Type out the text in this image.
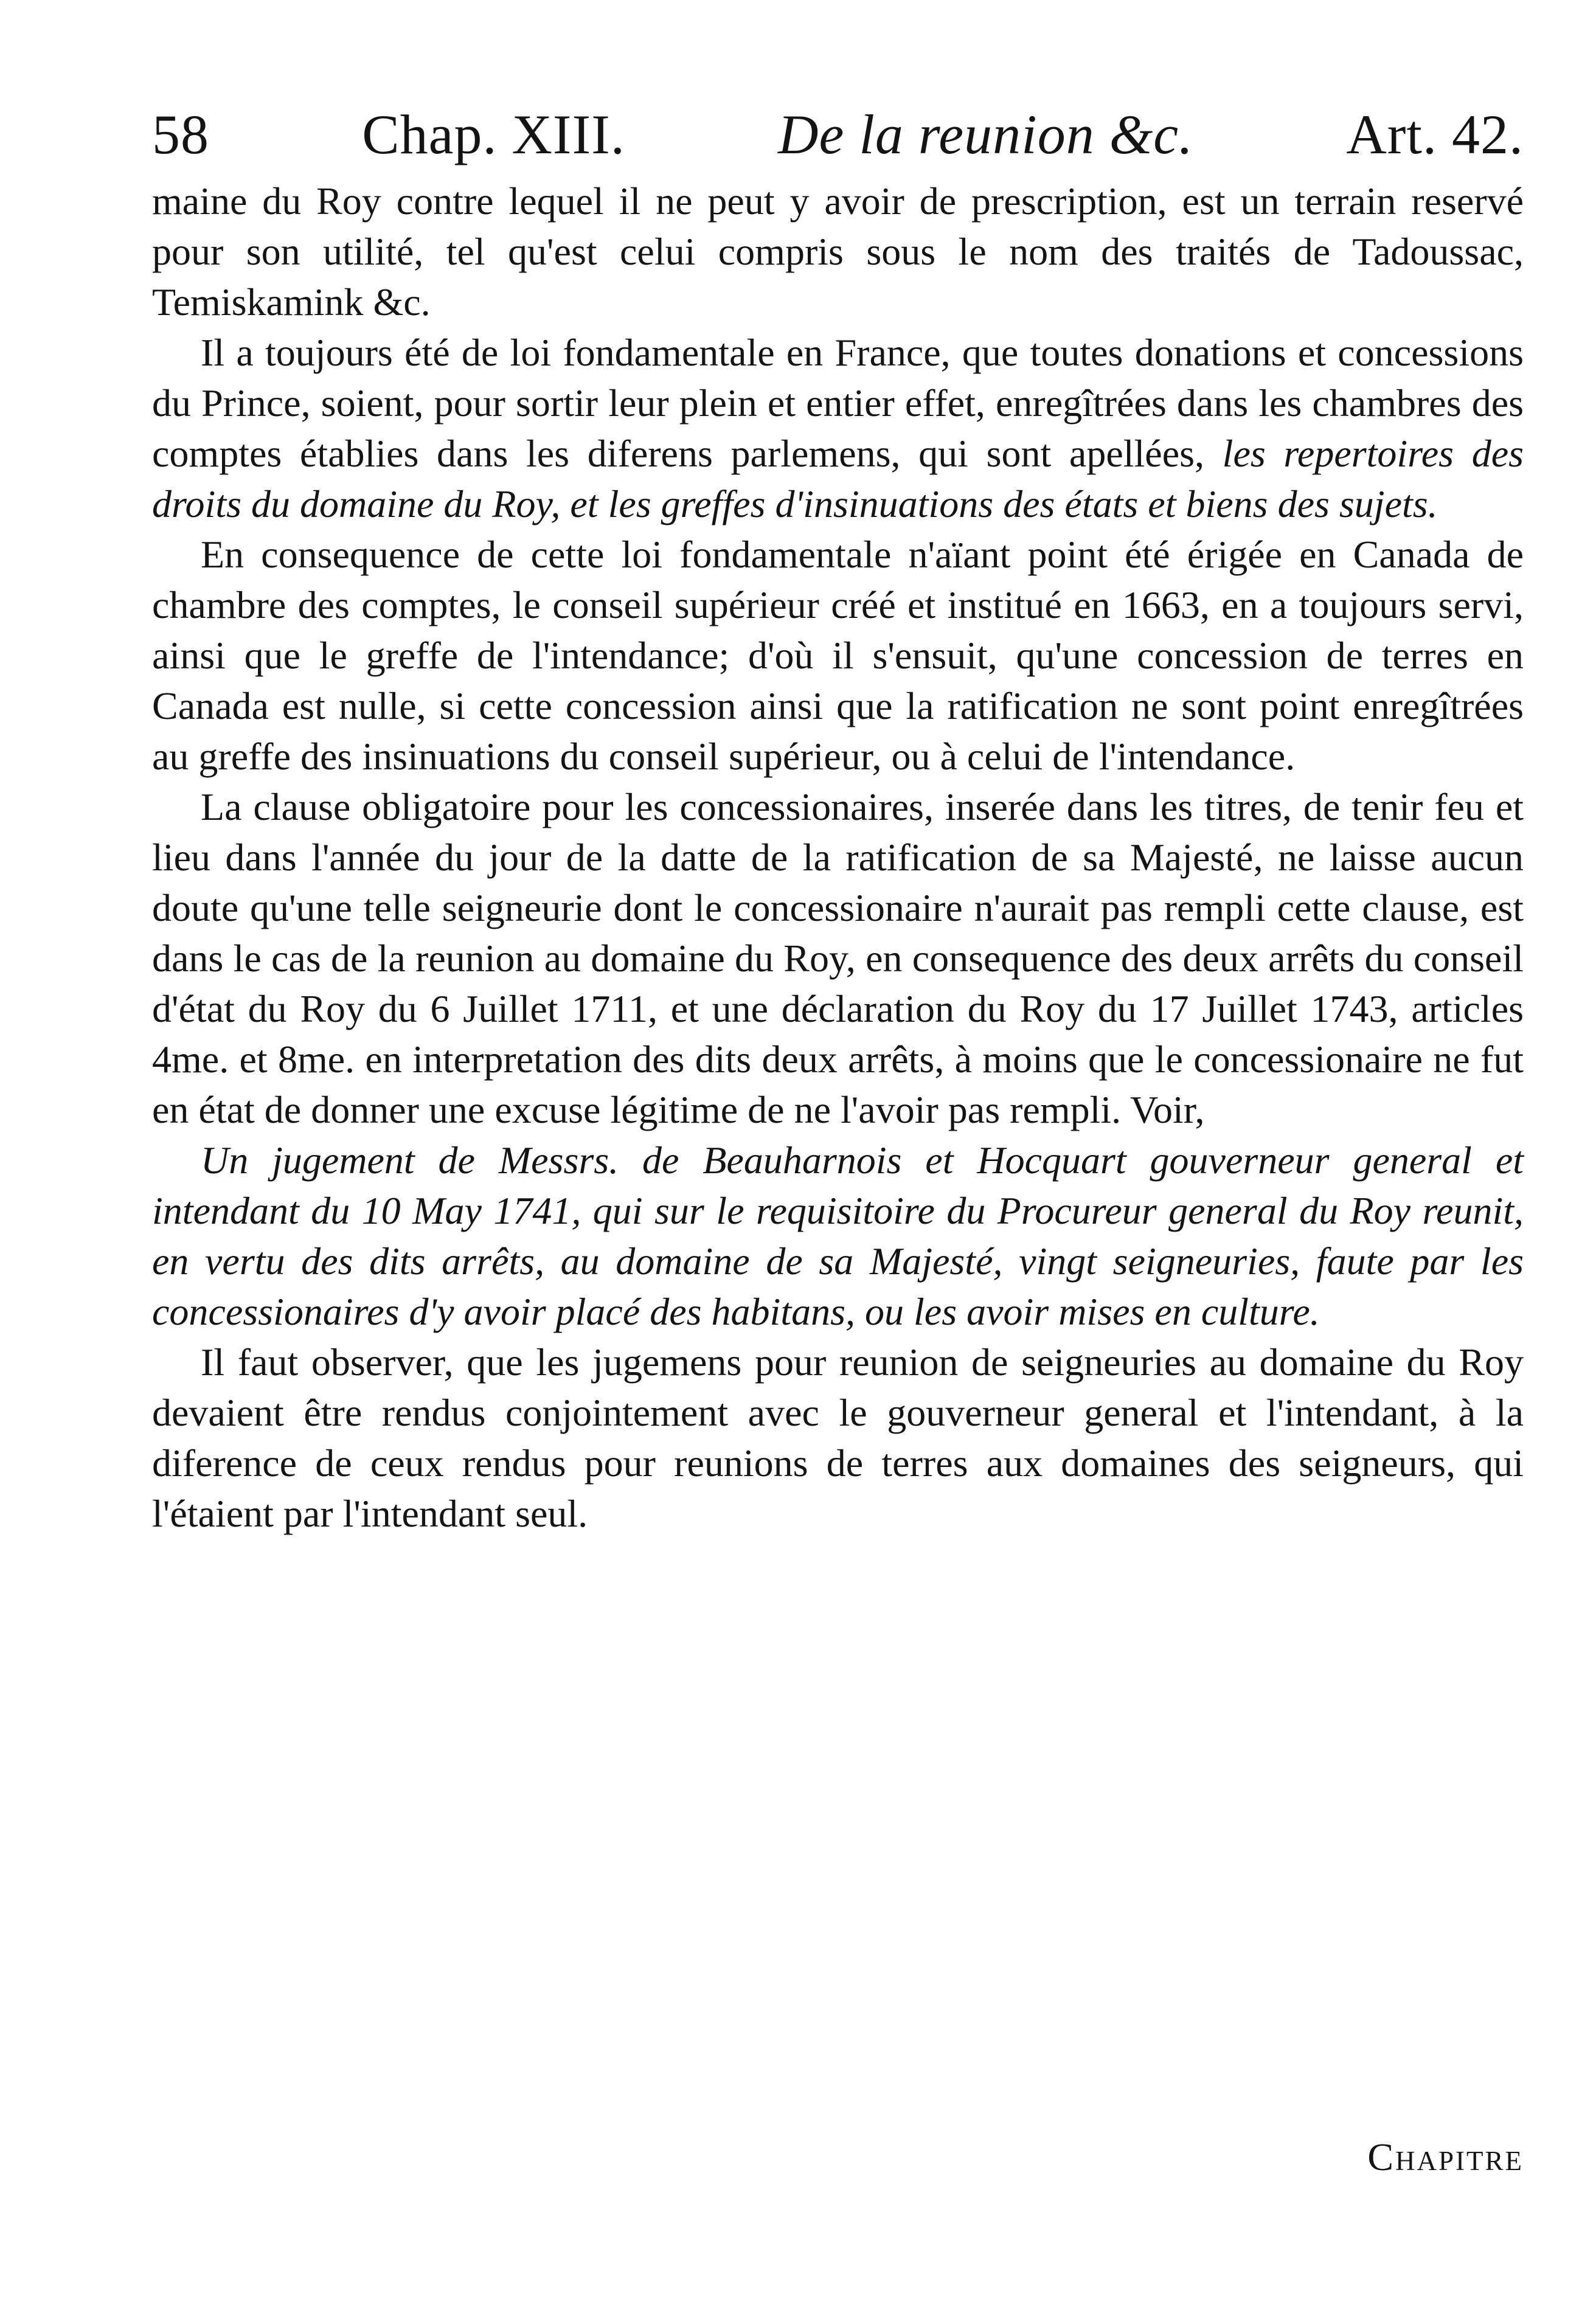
58	Chap. XIII.	De la reunion &c.	Art. 42.

maine du Roy contre lequel il ne peut y avoir de prescription, est un terrain reservé pour son utilité, tel qu'est celui compris sous le nom des traités de Tadoussac, Temiskamink &c.

Il a toujours été de loi fondamentale en France, que toutes donations et concessions du Prince, soient, pour sortir leur plein et entier effet, enregîtrées dans les chambres des comptes établies dans les diferens parlemens, qui sont apellées, les repertoires des droits du domaine du Roy, et les greffes d'insinuations des états et biens des sujets.

En consequence de cette loi fondamentale n'aïant point été érigée en Canada de chambre des comptes, le conseil supérieur créé et institué en 1663, en a toujours servi, ainsi que le greffe de l'intendance; d'où il s'ensuit, qu'une concession de terres en Canada est nulle, si cette concession ainsi que la ratification ne sont point enregîtrées au greffe des insinuations du conseil supérieur, ou à celui de l'intendance.

La clause obligatoire pour les concessionaires, inserée dans les titres, de tenir feu et lieu dans l'année du jour de la datte de la ratification de sa Majesté, ne laisse aucun doute qu'une telle seigneurie dont le concessionaire n'aurait pas rempli cette clause, est dans le cas de la reunion au domaine du Roy, en consequence des deux arrêts du conseil d'état du Roy du 6 Juillet 1711, et une déclaration du Roy du 17 Juillet 1743, articles 4me. et 8me. en interpretation des dits deux arrêts, à moins que le concessionaire ne fut en état de donner une excuse légitime de ne l'avoir pas rempli. Voir,

Un jugement de Messrs. de Beauharnois et Hocquart gouverneur general et intendant du 10 May 1741, qui sur le requisitoire du Procureur general du Roy reunit, en vertu des dits arrêts, au domaine de sa Majesté, vingt seigneuries, faute par les concessionaires d'y avoir placé des habitans, ou les avoir mises en culture.

Il faut observer, que les jugemens pour reunion de seigneuries au domaine du Roy devaient être rendus conjointement avec le gouverneur general et l'intendant, à la diference de ceux rendus pour reunions de terres aux domaines des seigneurs, qui l'étaient par l'intendant seul.

Chapitre
